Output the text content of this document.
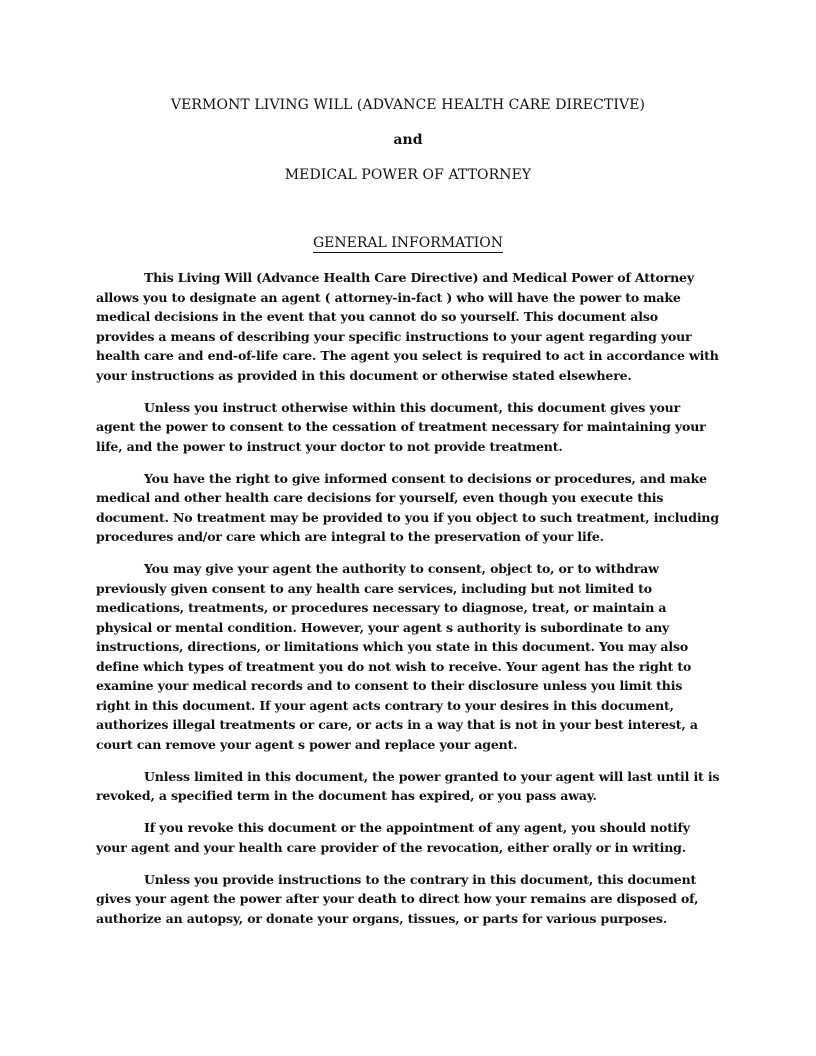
VERMONT LIVING WILL (ADVANCE HEALTH CARE DIRECTIVE)
and
MEDICAL POWER OF ATTORNEY
GENERAL INFORMATION

This Living Will (Advance Health Care Directive) and Medical Power of Attorney allows you to designate an agent ( attorney-in-fact ) who will have the power to make medical decisions in the event that you cannot do so yourself. This document also provides a means of describing your specific instructions to your agent regarding your health care and end-of-life care. The agent you select is required to act in accordance with your instructions as provided in this document or otherwise stated elsewhere.

Unless you instruct otherwise within this document, this document gives your agent the power to consent to the cessation of treatment necessary for maintaining your life, and the power to instruct your doctor to not provide treatment.

You have the right to give informed consent to decisions or procedures, and make medical and other health care decisions for yourself, even though you execute this document. No treatment may be provided to you if you object to such treatment, including procedures and/or care which are integral to the preservation of your life.

You may give your agent the authority to consent, object to, or to withdraw previously given consent to any health care services, including but not limited to medications, treatments, or procedures necessary to diagnose, treat, or maintain a physical or mental condition. However, your agent s authority is subordinate to any instructions, directions, or limitations which you state in this document. You may also define which types of treatment you do not wish to receive. Your agent has the right to examine your medical records and to consent to their disclosure unless you limit this right in this document. If your agent acts contrary to your desires in this document, authorizes illegal treatments or care, or acts in a way that is not in your best interest, a court can remove your agent s power and replace your agent.

Unless limited in this document, the power granted to your agent will last until it is revoked, a specified term in the document has expired, or you pass away.

If you revoke this document or the appointment of any agent, you should notify your agent and your health care provider of the revocation, either orally or in writing.

Unless you provide instructions to the contrary in this document, this document gives your agent the power after your death to direct how your remains are disposed of, authorize an autopsy, or donate your organs, tissues, or parts for various purposes.
